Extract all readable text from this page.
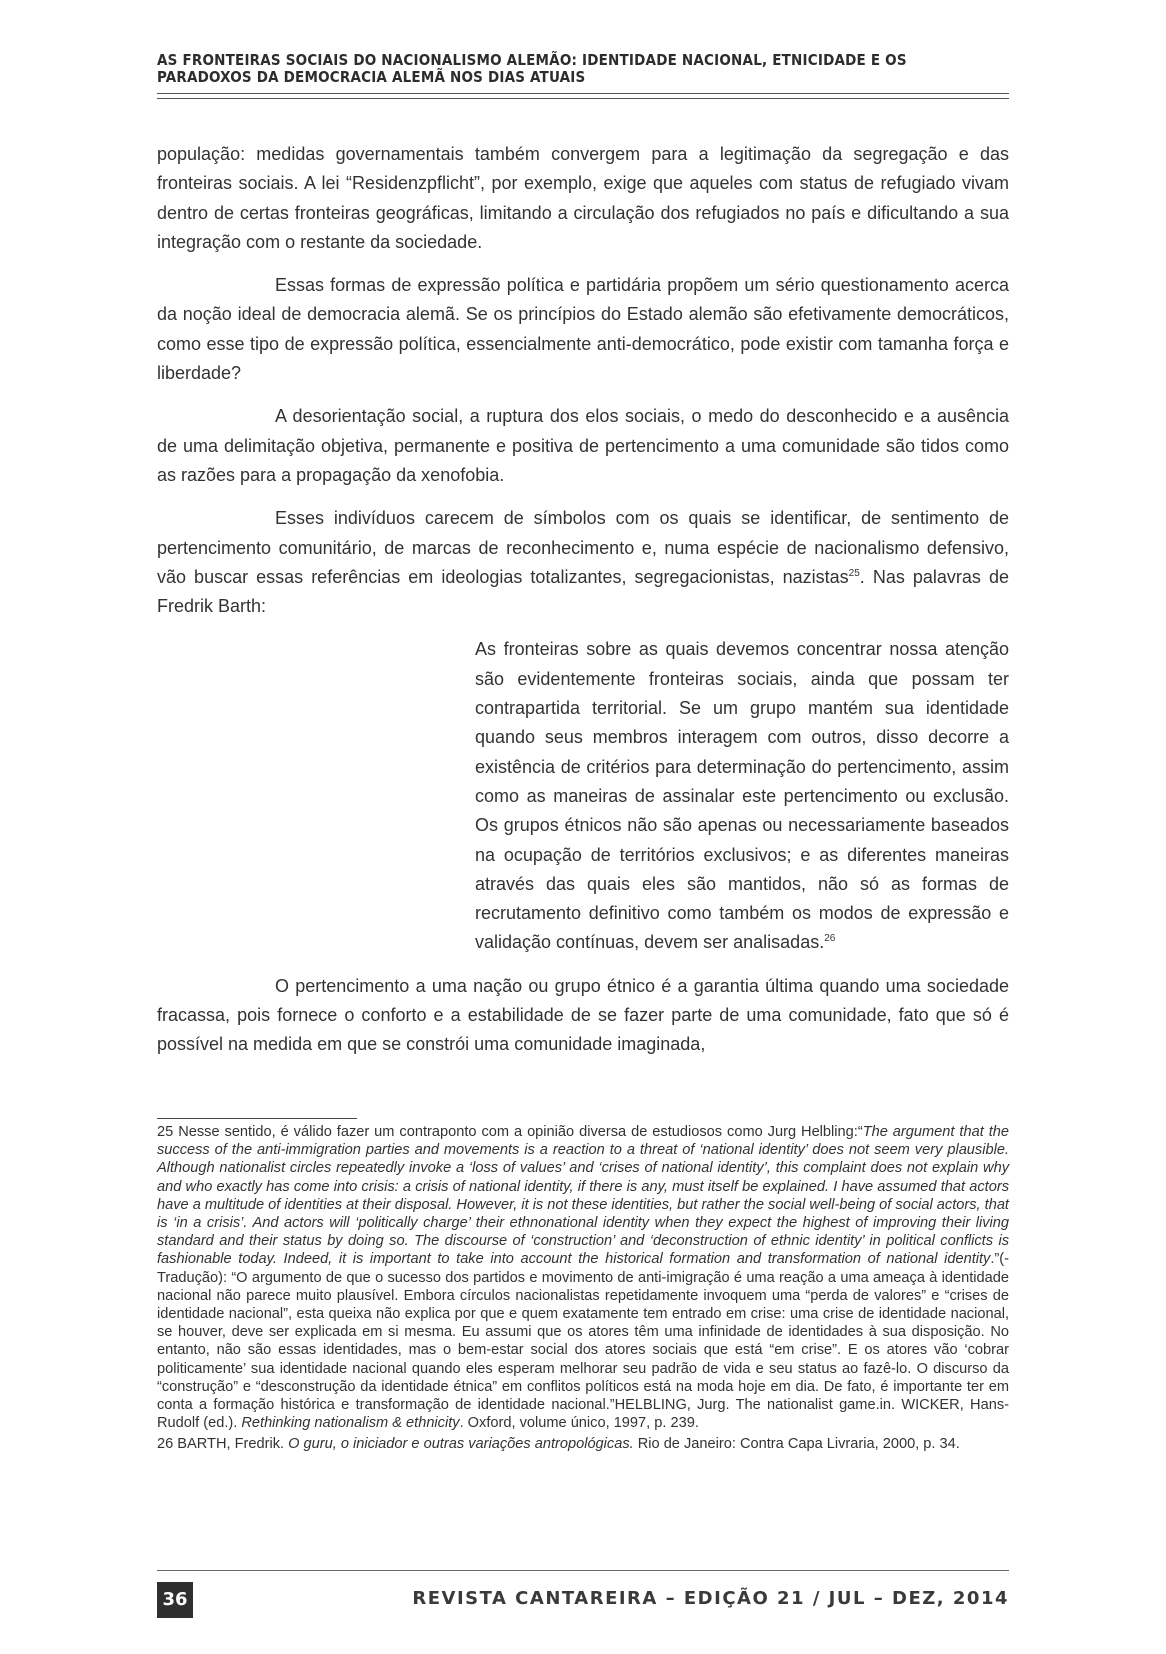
AS FRONTEIRAS SOCIAIS DO NACIONALISMO ALEMÃO: IDENTIDADE NACIONAL, ETNICIDADE E OS
PARADOXOS DA DEMOCRACIA ALEMÃ NOS DIAS ATUAIS

população: medidas governamentais também convergem para a legitimação da segregação e das fronteiras sociais. A lei “Residenzpflicht”, por exemplo, exige que aqueles com status de refugiado vivam dentro de certas fronteiras geográficas, limitando a circulação dos refugiados no país e dificultando a sua integração com o restante da sociedade.

Essas formas de expressão política e partidária propõem um sério questionamento acerca da noção ideal de democracia alemã. Se os princípios do Estado alemão são efetivamente democráticos, como esse tipo de expressão política, essencialmente anti-democrático, pode existir com tamanha força e liberdade?

A desorientação social, a ruptura dos elos sociais, o medo do desconhecido e a ausência de uma delimitação objetiva, permanente e positiva de pertencimento a uma comunidade são tidos como as razões para a propagação da xenofobia.

Esses indivíduos carecem de símbolos com os quais se identificar, de sentimento de pertencimento comunitário, de marcas de reconhecimento e, numa espécie de nacionalismo defensivo, vão buscar essas referências em ideologias totalizantes, segregacionistas, nazistas$^{25}$. Nas palavras de Fredrik Barth:

As fronteiras sobre as quais devemos concentrar nossa atenção são evidentemente fronteiras sociais, ainda que possam ter contrapartida territorial. Se um grupo mantém sua identidade quando seus membros interagem com outros, disso decorre a existência de critérios para determinação do pertencimento, assim como as maneiras de assinalar este pertencimento ou exclusão. Os grupos étnicos não são apenas ou necessariamente baseados na ocupação de territórios exclusivos; e as diferentes maneiras através das quais eles são mantidos, não só as formas de recrutamento definitivo como também os modos de expressão e validação contínuas, devem ser analisadas.$^{26}$

O pertencimento a uma nação ou grupo étnico é a garantia última quando uma sociedade fracassa, pois fornece o conforto e a estabilidade de se fazer parte de uma comunidade, fato que só é possível na medida em que se constrói uma comunidade imaginada,

25 Nesse sentido, é válido fazer um contraponto com a opinião diversa de estudiosos como Jurg Helbling:“The argument that the success of the anti-immigration parties and movements is a reaction to a threat of ‘national identity’ does not seem very plausible. Although nationalist circles repeatedly invoke a ‘loss of values’ and ‘crises of national identity’, this complaint does not explain why and who exactly has come into crisis: a crisis of national identity, if there is any, must itself be explained. I have assumed that actors have a multitude of identities at their disposal. However, it is not these identities, but rather the social well-being of social actors, that is ‘in a crisis’. And actors will ‘politically charge’ their ethnonational identity when they expect the highest of improving their living standard and their status by doing so. The discourse of ‘construction’ and ‘deconstruction of ethnic identity’ in political conflicts is fashionable today. Indeed, it is important to take into account the historical formation and transformation of national identity.”(-Tradução): “O argumento de que o sucesso dos partidos e movimento de anti-imigração é uma reação a uma ameaça à identidade nacional não parece muito plausível. Embora círculos nacionalistas repetidamente invoquem uma “perda de valores” e “crises de identidade nacional”, esta queixa não explica por que e quem exatamente tem entrado em crise: uma crise de identidade nacional, se houver, deve ser explicada em si mesma. Eu assumi que os atores têm uma infinidade de identidades à sua disposição. No entanto, não são essas identidades, mas o bem-estar social dos atores sociais que está “em crise”. E os atores vão ‘cobrar politicamente’ sua identidade nacional quando eles esperam melhorar seu padrão de vida e seu status ao fazê-lo. O discurso da “construção” e “desconstrução da identidade étnica” em conflitos políticos está na moda hoje em dia. De fato, é importante ter em conta a formação histórica e transformação de identidade nacional.”HELBLING, Jurg. The nationalist game.in. WICKER, Hans-Rudolf (ed.). Rethinking nationalism & ethnicity. Oxford, volume único, 1997, p. 239.

26 BARTH, Fredrik. O guru, o iniciador e outras variações antropológicas. Rio de Janeiro: Contra Capa Livraria, 2000, p. 34.

36	REVISTA CANTAREIRA – EDIÇÃO 21 / JUL – DEZ, 2014
